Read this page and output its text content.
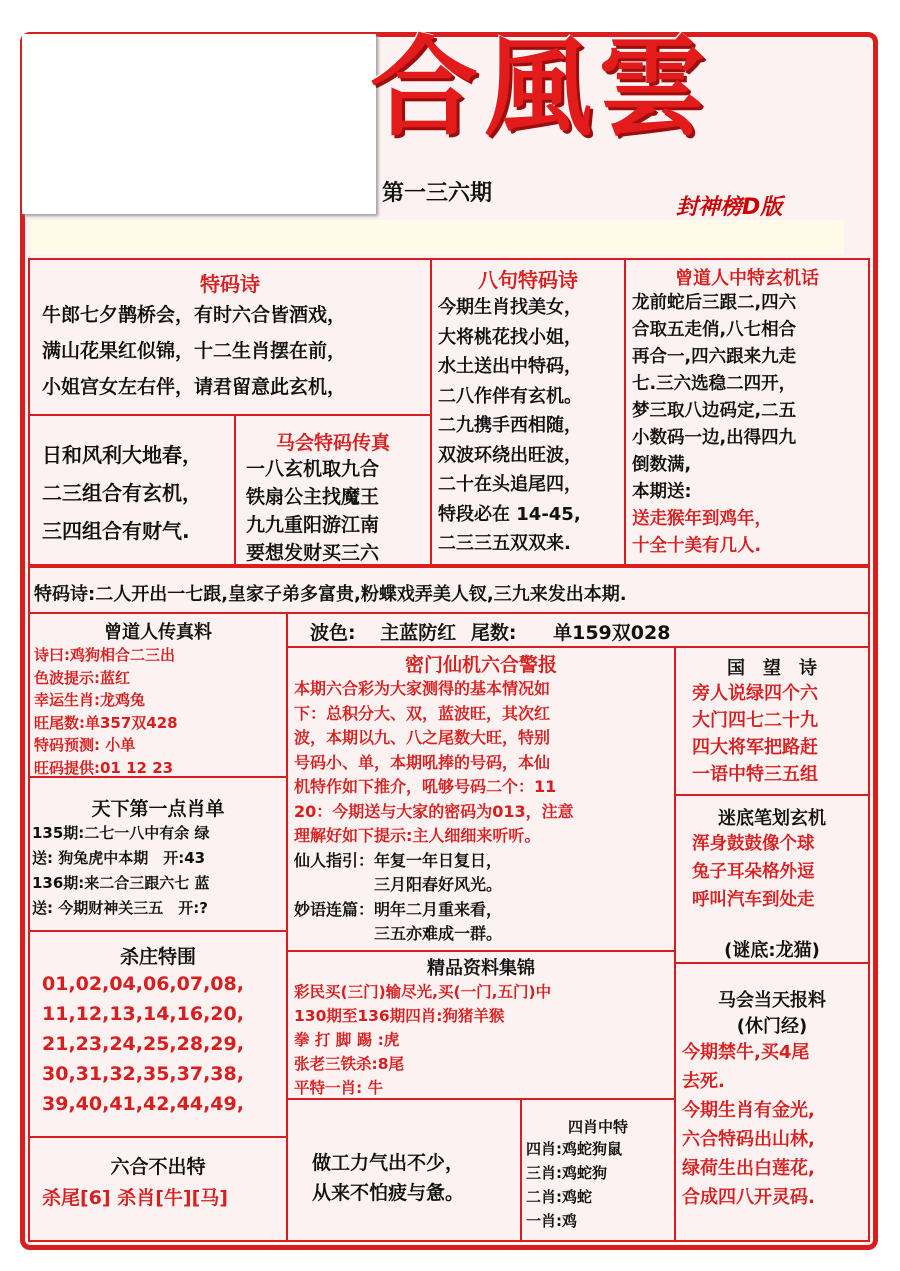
合風雲
第一三六期
封神榜D版
特码诗
牛郎七夕鹊桥会，有时六合皆酒戏，
满山花果红似锦，十二生肖摆在前，
小姐宫女左右伴，请君留意此玄机，
日和风利大地春，
二三组合有玄机，
三四组合有财气.
马会特码传真
一八玄机取九合
铁扇公主找魔王
九九重阳游江南
要想发财买三六
八句特码诗
今期生肖找美女，
大将桃花找小姐，
水土送出中特码，
二八作伴有玄机。
二九携手西相随，
双波环绕出旺波，
二十在头追尾四，
特段必在 14-45,
二三三五双双来.
曾道人中特玄机话
龙前蛇后三跟二,四六
合取五走俏,八七相合
再合一,四六跟来九走
七.三六选稳二四开，
梦三取八边码定,二五
小数码一边,出得四九
倒数满,
本期送:
送走猴年到鸡年，
十全十美有几人.
特码诗:二人开出一七跟,皇家子弟多富贵,粉蝶戏弄美人钗,三九来发出本期.
曾道人传真料
诗曰:鸡狗相合二三出
色波提示:蓝红
幸运生肖:龙鸡兔
旺尾数:单357双428
特码预测: 小单
旺码提供:01 12 23
波色: 主蓝防红 尾数: 单159双028
密门仙机六合警报
本期六合彩为大家测得的基本情况如
下：总积分大、双，蓝波旺，其次红
波，本期以九、八之尾数大旺，特别
号码小、单，本期吼捧的号码，本仙
机特作如下推介，吼够号码二个：11
20：今期送与大家的密码为013，注意
理解好如下提示:主人细细来听听。
仙人指引：年复一年日复日，
　　　　　三月阳春好风光。
妙语连篇：明年二月重来看，
　　　　　三五亦难成一群。
国　望　诗
旁人说绿四个六
大门四七二十九
四大将军把路赶
一语中特三五组
天下第一点肖单
135期:二七一八中有余 绿
送: 狗兔虎中本期　开:43
136期:来二合三跟六七 蓝
送: 今期财神关三五　开:?
迷底笔划玄机
浑身鼓鼓像个球
兔子耳朵格外逗
呼叫汽车到处走
(谜底:龙猫)
杀庄特围
01,02,04,06,07,08,
11,12,13,14,16,20,
21,23,24,25,28,29,
30,31,32,35,37,38,
39,40,41,42,44,49,
精品资料集锦
彩民买(三门)输尽光,买(一门,五门)中
130期至136期四肖:狗猪羊猴
拳 打 脚 踢 :虎
张老三铁杀:8尾
平特一肖: 牛
马会当天报料
(休门经)
今期禁牛,买4尾
去死.
今期生肖有金光,
六合特码出山林,
绿荷生出白莲花,
合成四八开灵码.
六合不出特
杀尾[6] 杀肖[牛][马]
做工力气出不少，
从来不怕疲与惫。
四肖中特
四肖:鸡蛇狗鼠
三肖:鸡蛇狗
二肖:鸡蛇
一肖:鸡
